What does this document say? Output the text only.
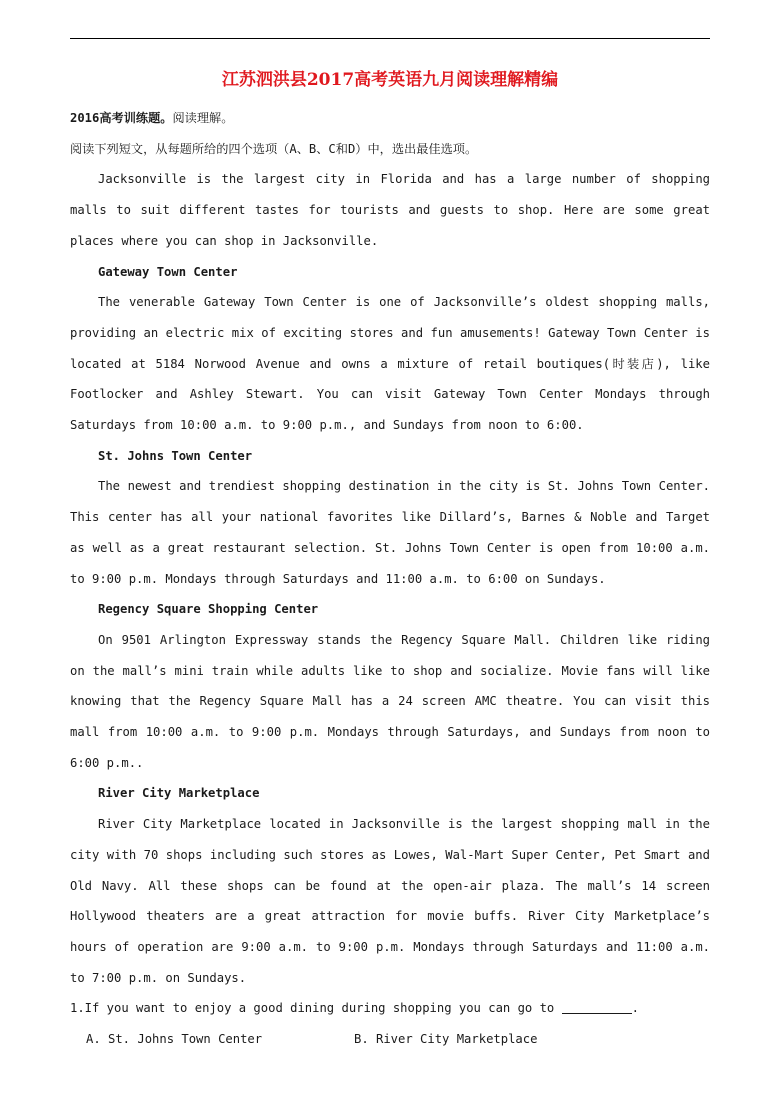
江苏泗洪县2017高考英语九月阅读理解精编

2016高考训练题。阅读理解。

阅读下列短文，从每题所给的四个选项（A、B、C和D）中，选出最佳选项。

Jacksonville is the largest city in Florida and has a large number of shopping malls to suit different tastes for tourists and guests to shop. Here are some great places where you can shop in Jacksonville.

Gateway Town Center

The venerable Gateway Town Center is one of Jacksonville’s oldest shopping malls, providing an electric mix of exciting stores and fun amusements! Gateway Town Center is located at 5184 Norwood Avenue and owns a mixture of retail boutiques(时装店), like Footlocker and Ashley Stewart. You can visit Gateway Town Center Mondays through Saturdays from 10:00 a.m. to 9:00 p.m., and Sundays from noon to 6:00.

St. Johns Town Center

The newest and trendiest shopping destination in the city is St. Johns Town Center. This center has all your national favorites like Dillard’s, Barnes & Noble and Target as well as a great restaurant selection. St. Johns Town Center is open from 10:00 a.m. to 9:00 p.m. Mondays through Saturdays and 11:00 a.m. to 6:00 on Sundays.

Regency Square Shopping Center

On 9501 Arlington Expressway stands the Regency Square Mall. Children like riding on the mall’s mini train while adults like to shop and socialize. Movie fans will like knowing that the Regency Square Mall has a 24 screen AMC theatre. You can visit this mall from 10:00 a.m. to 9:00 p.m. Mondays through Saturdays, and Sundays from noon to 6:00 p.m..

River City Marketplace

River City Marketplace located in Jacksonville is the largest shopping mall in the city with 70 shops including such stores as Lowes, Wal-Mart Super Center, Pet Smart and Old Navy. All these shops can be found at the open-air plaza. The mall’s 14 screen Hollywood theaters are a great attraction for movie buffs. River City Marketplace’s hours of operation are 9:00 a.m. to 9:00 p.m. Mondays through Saturdays and 11:00 a.m. to 7:00 p.m. on Sundays.

1.If you want to enjoy a good dining during shopping you can go to	.

A. St. Johns Town Center	B. River City Marketplace
